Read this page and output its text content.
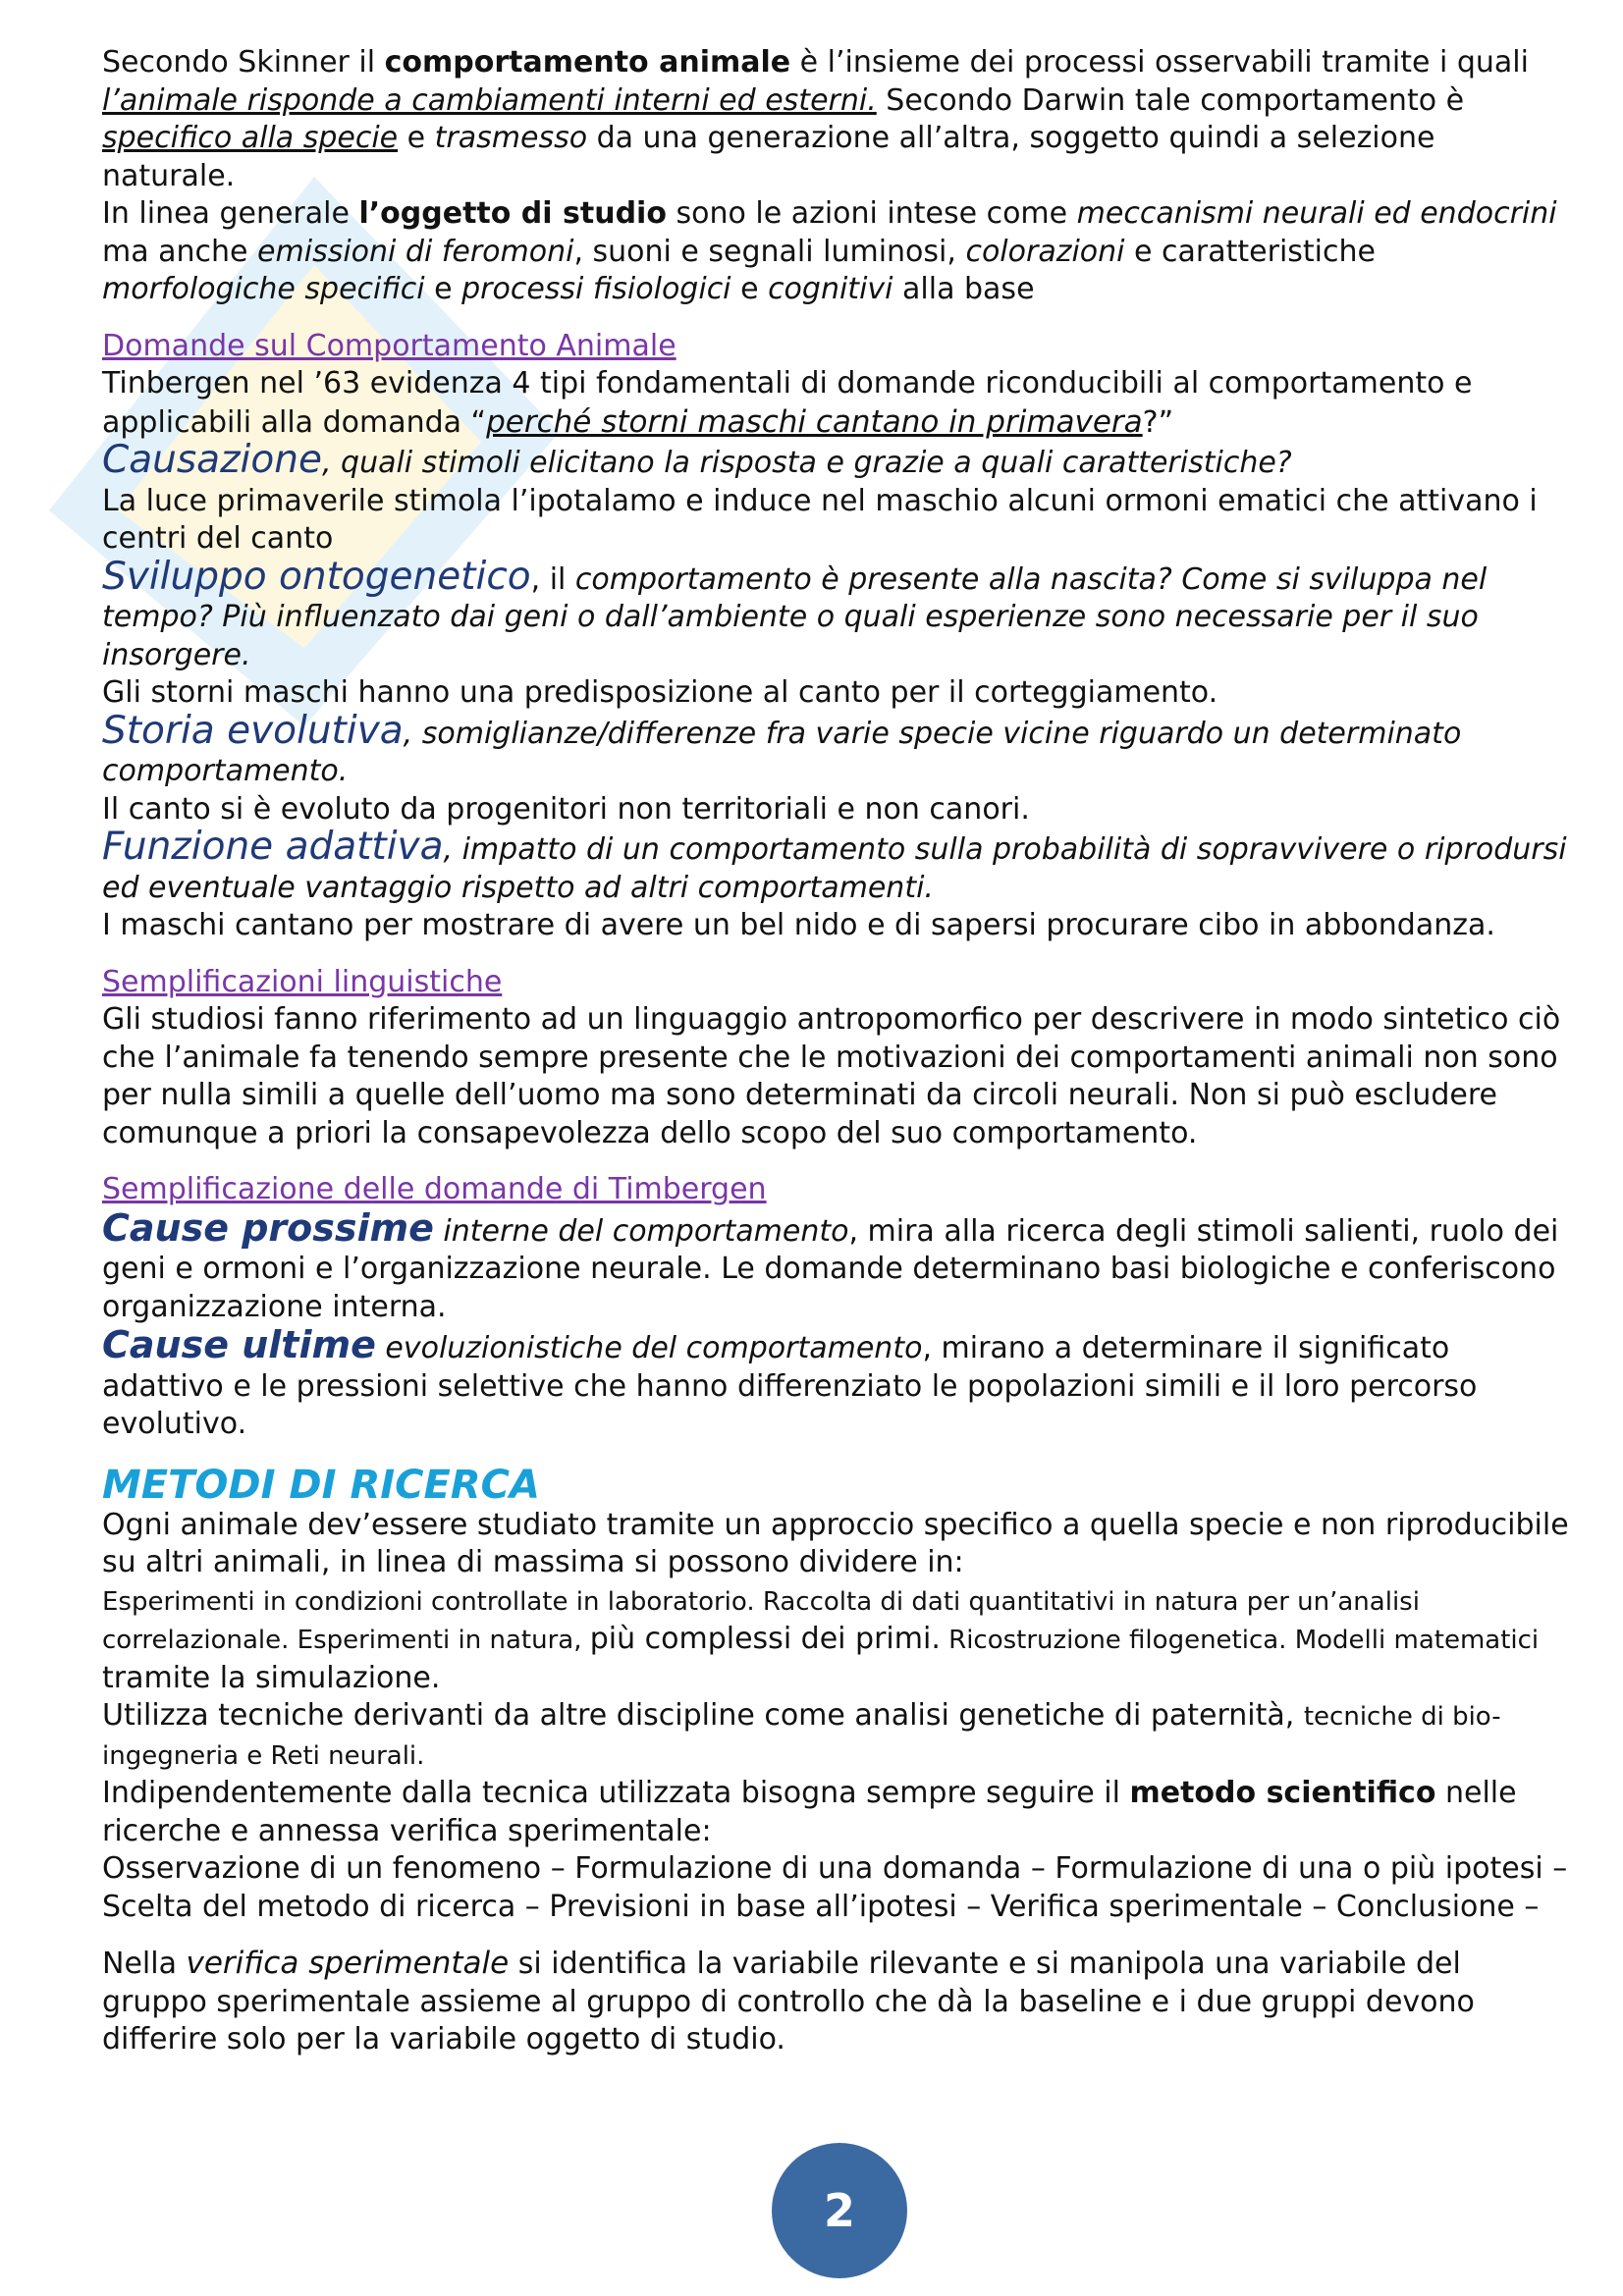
Secondo Skinner il comportamento animale è l’insieme dei processi osservabili tramite i quali l’animale risponde a cambiamenti interni ed esterni. Secondo Darwin tale comportamento è specifico alla specie e trasmesso da una generazione all’altra, soggetto quindi a selezione naturale.

In linea generale l’oggetto di studio sono le azioni intese come meccanismi neurali ed endocrini ma anche emissioni di feromoni, suoni e segnali luminosi, colorazioni e caratteristiche morfologiche specifici e processi fisiologici e cognitivi alla base

Domande sul Comportamento Animale

Tinbergen nel ’63 evidenza 4 tipi fondamentali di domande riconducibili al comportamento e applicabili alla domanda “perché storni maschi cantano in primavera?”

Causazione, quali stimoli elicitano la risposta e grazie a quali caratteristiche?

La luce primaverile stimola l’ipotalamo e induce nel maschio alcuni ormoni ematici che attivano i centri del canto

Sviluppo ontogenetico, il comportamento è presente alla nascita? Come si sviluppa nel tempo? Più influenzato dai geni o dall’ambiente o quali esperienze sono necessarie per il suo insorgere.

Gli storni maschi hanno una predisposizione al canto per il corteggiamento.

Storia evolutiva, somiglianze/differenze fra varie specie vicine riguardo un determinato comportamento.

Il canto si è evoluto da progenitori non territoriali e non canori.

Funzione adattiva, impatto di un comportamento sulla probabilità di sopravvivere o riprodursi ed eventuale vantaggio rispetto ad altri comportamenti.

I maschi cantano per mostrare di avere un bel nido e di sapersi procurare cibo in abbondanza.

Semplificazioni linguistiche

Gli studiosi fanno riferimento ad un linguaggio antropomorfico per descrivere in modo sintetico ciò che l’animale fa tenendo sempre presente che le motivazioni dei comportamenti animali non sono per nulla simili a quelle dell’uomo ma sono determinati da circoli neurali. Non si può escludere comunque a priori la consapevolezza dello scopo del suo comportamento.

Semplificazione delle domande di Timbergen

Cause prossime interne del comportamento, mira alla ricerca degli stimoli salienti, ruolo dei geni e ormoni e l’organizzazione neurale. Le domande determinano basi biologiche e conferiscono organizzazione interna.

Cause ultime evoluzionistiche del comportamento, mirano a determinare il significato adattivo e le pressioni selettive che hanno differenziato le popolazioni simili e il loro percorso evolutivo.

METODI DI RICERCA

Ogni animale dev’essere studiato tramite un approccio specifico a quella specie e non riproducibile su altri animali, in linea di massima si possono dividere in:

Esperimenti in condizioni controllate in laboratorio. Raccolta di dati quantitativi in natura per un’analisi correlazionale. Esperimenti in natura, più complessi dei primi. Ricostruzione filogenetica. Modelli matematici tramite la simulazione.

Utilizza tecniche derivanti da altre discipline come analisi genetiche di paternità, tecniche di bio-ingegneria e Reti neurali.

Indipendentemente dalla tecnica utilizzata bisogna sempre seguire il metodo scientifico nelle ricerche e annessa verifica sperimentale:

Osservazione di un fenomeno – Formulazione di una domanda – Formulazione di una o più ipotesi – Scelta del metodo di ricerca – Previsioni in base all’ipotesi – Verifica sperimentale – Conclusione –

Nella verifica sperimentale si identifica la variabile rilevante e si manipola una variabile del gruppo sperimentale assieme al gruppo di controllo che dà la baseline e i due gruppi devono differire solo per la variabile oggetto di studio.

2
